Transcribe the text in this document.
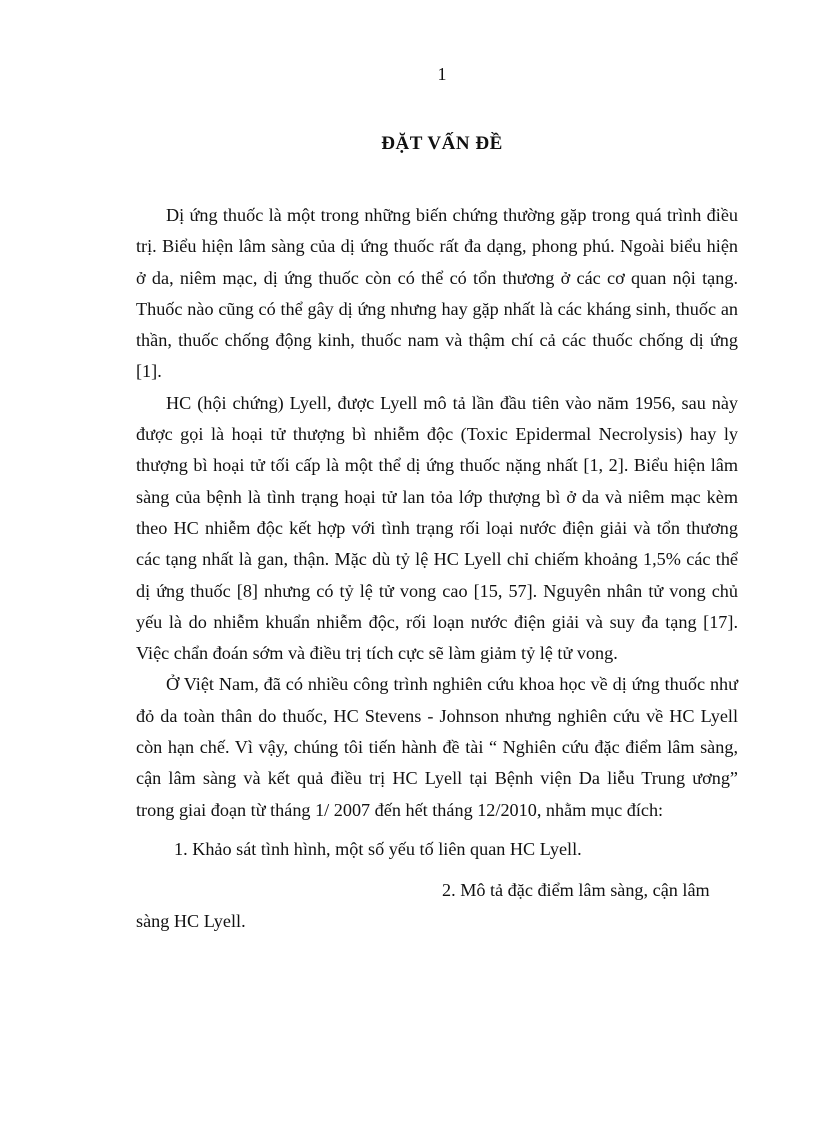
1
ĐẶT VẤN ĐỀ

Dị ứng thuốc là một trong những biến chứng thường gặp trong quá trình điều trị. Biểu hiện lâm sàng của dị ứng thuốc rất đa dạng, phong phú. Ngoài biểu hiện ở da, niêm mạc, dị ứng thuốc còn có thể có tổn thương ở các cơ quan nội tạng. Thuốc nào cũng có thể gây dị ứng nhưng hay gặp nhất là các kháng sinh, thuốc an thần, thuốc chống động kinh, thuốc nam và thậm chí cả các thuốc chống dị ứng [1].

HC (hội chứng) Lyell, được Lyell mô tả lần đầu tiên vào năm 1956, sau này được gọi là hoại tử thượng bì nhiễm độc (Toxic Epidermal Necrolysis) hay ly thượng bì hoại tử tối cấp là một thể dị ứng thuốc nặng nhất [1, 2]. Biểu hiện lâm sàng của bệnh là tình trạng hoại tử lan tỏa lớp thượng bì ở da và niêm mạc kèm theo HC nhiễm độc kết hợp với tình trạng rối loại nước điện giải và tổn thương các tạng nhất là gan, thận. Mặc dù tỷ lệ HC Lyell chỉ chiếm khoảng 1,5% các thể dị ứng thuốc [8] nhưng có tỷ lệ tử vong cao [15, 57]. Nguyên nhân tử vong chủ yếu là do nhiễm khuẩn nhiễm độc, rối loạn nước điện giải và suy đa tạng [17]. Việc chẩn đoán sớm và điều trị tích cực sẽ làm giảm tỷ lệ tử vong.

Ở Việt Nam, đã có nhiều công trình nghiên cứu khoa học về dị ứng thuốc như đỏ da toàn thân do thuốc, HC Stevens - Johnson nhưng nghiên cứu về HC Lyell còn hạn chế. Vì vậy, chúng tôi tiến hành đề tài “ Nghiên cứu đặc điểm lâm sàng, cận lâm sàng và kết quả điều trị HC Lyell tại Bệnh viện Da liễu Trung ương” trong giai đoạn từ tháng 1/ 2007 đến hết tháng 12/2010, nhằm mục đích:

1. Khảo sát tình hình, một số yếu tố liên quan HC Lyell.
2. Mô tả đặc điểm lâm sàng, cận lâm sàng HC Lyell.
